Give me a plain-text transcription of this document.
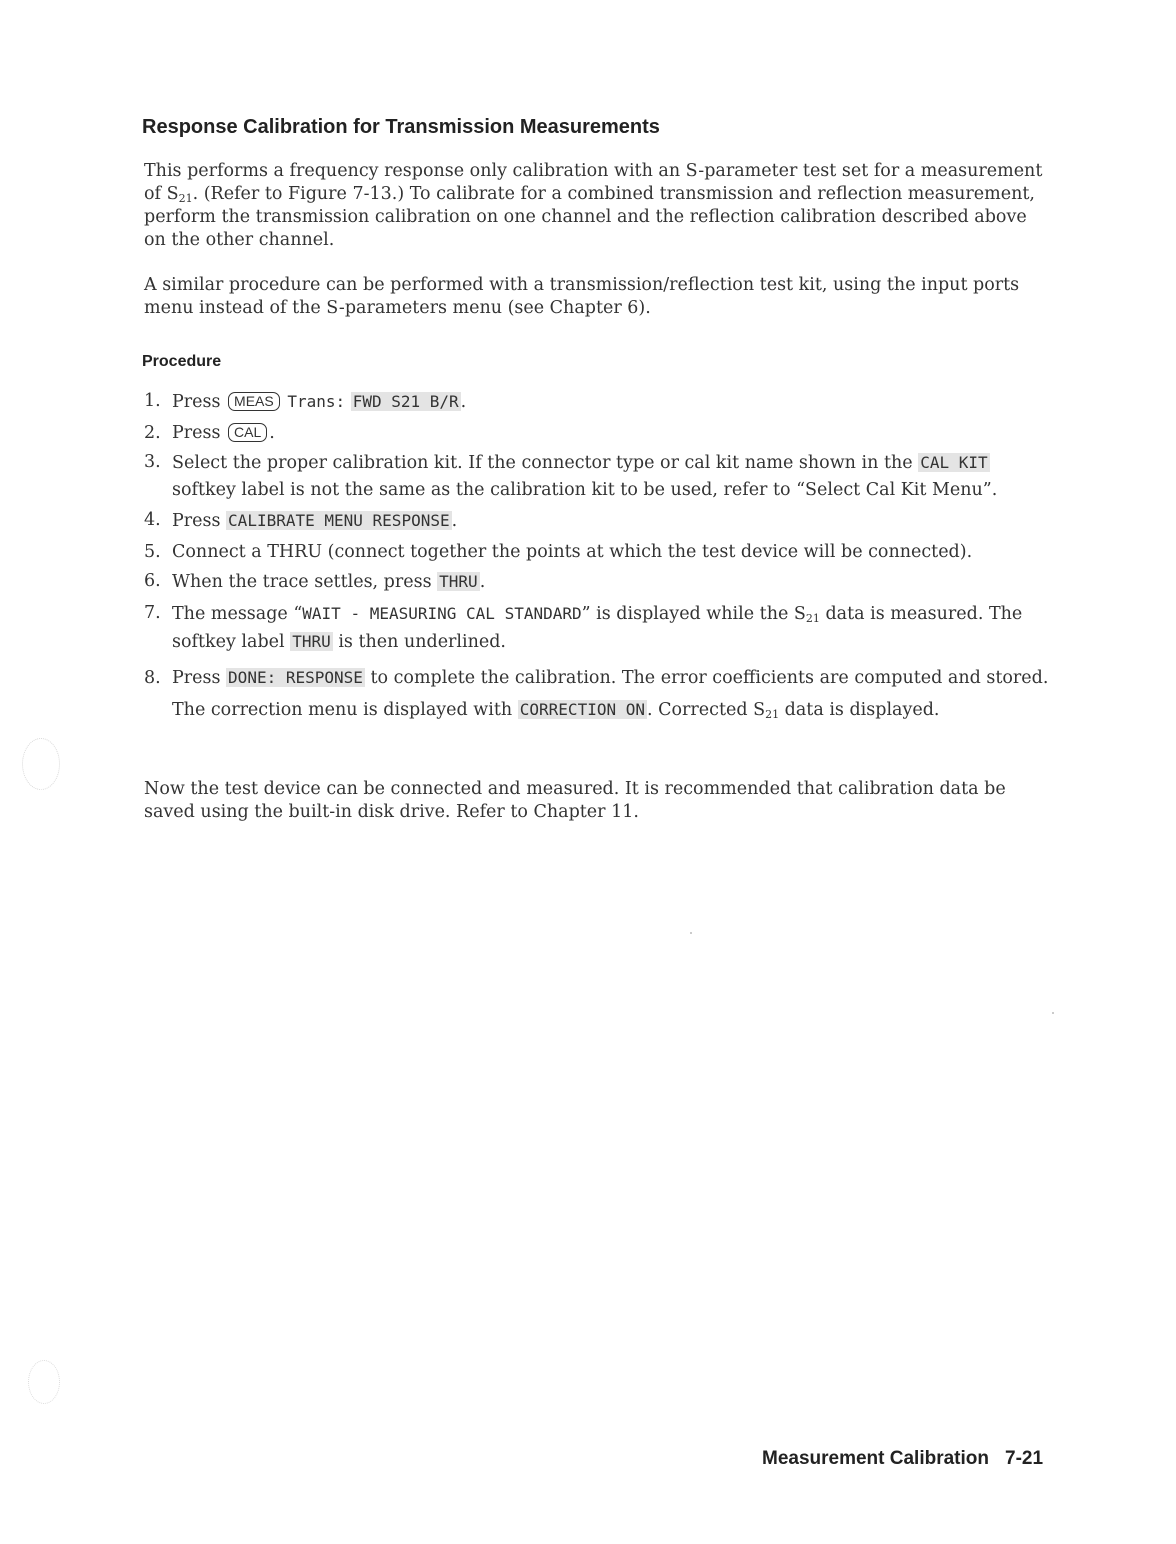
Response Calibration for Transmission Measurements

This performs a frequency response only calibration with an S-parameter test set for a measurement of $S_{21}$. (Refer to Figure 7-13.) To calibrate for a combined transmission and reflection measurement, perform the transmission calibration on one channel and the reflection calibration described above on the other channel.

A similar procedure can be performed with a transmission/reflection test kit, using the input ports menu instead of the S-parameters menu (see Chapter 6).

Procedure
1. Press MEAS Trans: FWD S21 B/R .
2. Press CAL .
3. Select the proper calibration kit. If the connector type or cal kit name shown in the CAL KIT softkey label is not the same as the calibration kit to be used, refer to “Select Cal Kit Menu”.
4. Press CALIBRATE MENU RESPONSE .
5. Connect a THRU (connect together the points at which the test device will be connected).
6. When the trace settles, press THRU .
7. The message “WAIT - MEASURING CAL STANDARD” is displayed while the $S_{21}$ data is measured. The softkey label THRU is then underlined.
8. Press DONE: RESPONSE to complete the calibration. The error coefficients are computed and stored. The correction menu is displayed with CORRECTION ON . Corrected $S_{21}$ data is displayed.

Now the test device can be connected and measured. It is recommended that calibration data be saved using the built-in disk drive. Refer to Chapter 11.

Measurement Calibration 7-21
